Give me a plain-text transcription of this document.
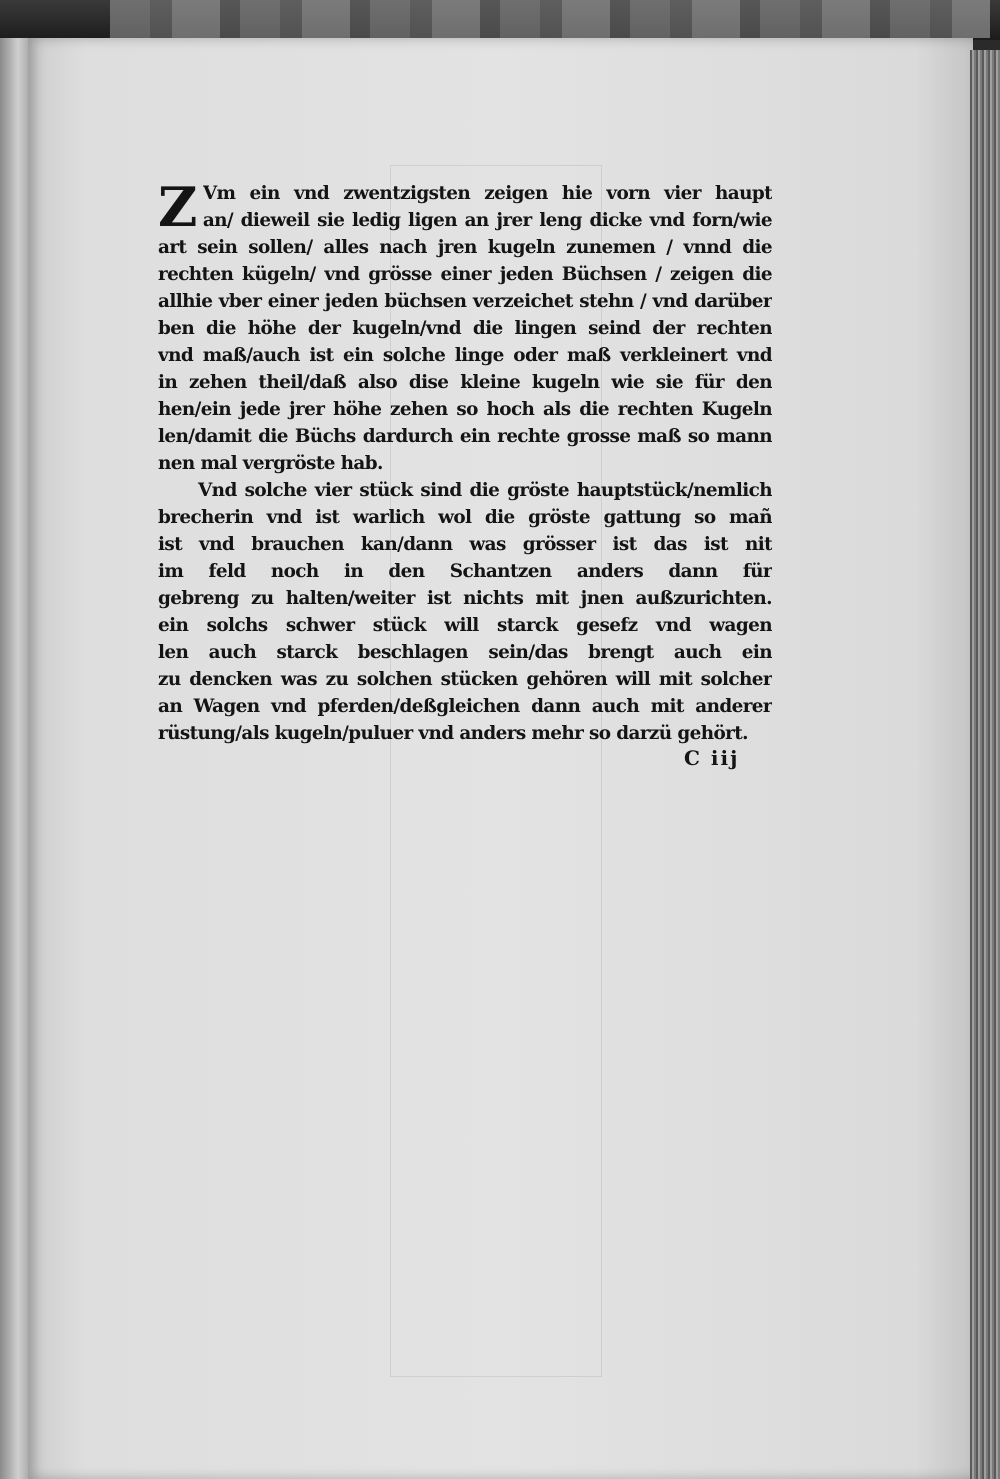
Z Vm ein vnd zwentzigsten zeigen hie vorn vier haupt
an/ dieweil sie ledig ligen an jrer leng dicke vnd forn/wie
art sein sollen/ alles nach jren kugeln zunemen / vnnd die
rechten kügeln/ vnd grösse einer jeden Büchsen / zeigen die
allhie vber einer jeden büchsen verzeichet stehn / vnd darüber
ben die höhe der kugeln/vnd die lingen seind der rechten
vnd maß/auch ist ein solche linge oder maß verkleinert vnd
in zehen theil/daß also dise kleine kugeln wie sie für den
hen/ein jede jrer höhe zehen so hoch als die rechten Kugeln
len/damit die Büchs dardurch ein rechte grosse maß so mann
nen mal vergröste hab.
Vnd solche vier stück sind die gröste hauptstück/nemlich
brecherin vnd ist warlich wol die gröste gattung so mañ
ist vnd brauchen kan/dann was grösser ist das ist nit
im feld noch in den Schantzen anders dann für
gebreng zu halten/weiter ist nichts mit jnen außzurichten.
ein solchs schwer stück will starck gesefz vnd wagen
len auch starck beschlagen sein/das brengt auch ein
zu dencken was zu solchen stücken gehören will mit solcher
an Wagen vnd pferden/deßgleichen dann auch mit anderer
rüstung/als kugeln/puluer vnd anders mehr so darzü gehört.
C iij
